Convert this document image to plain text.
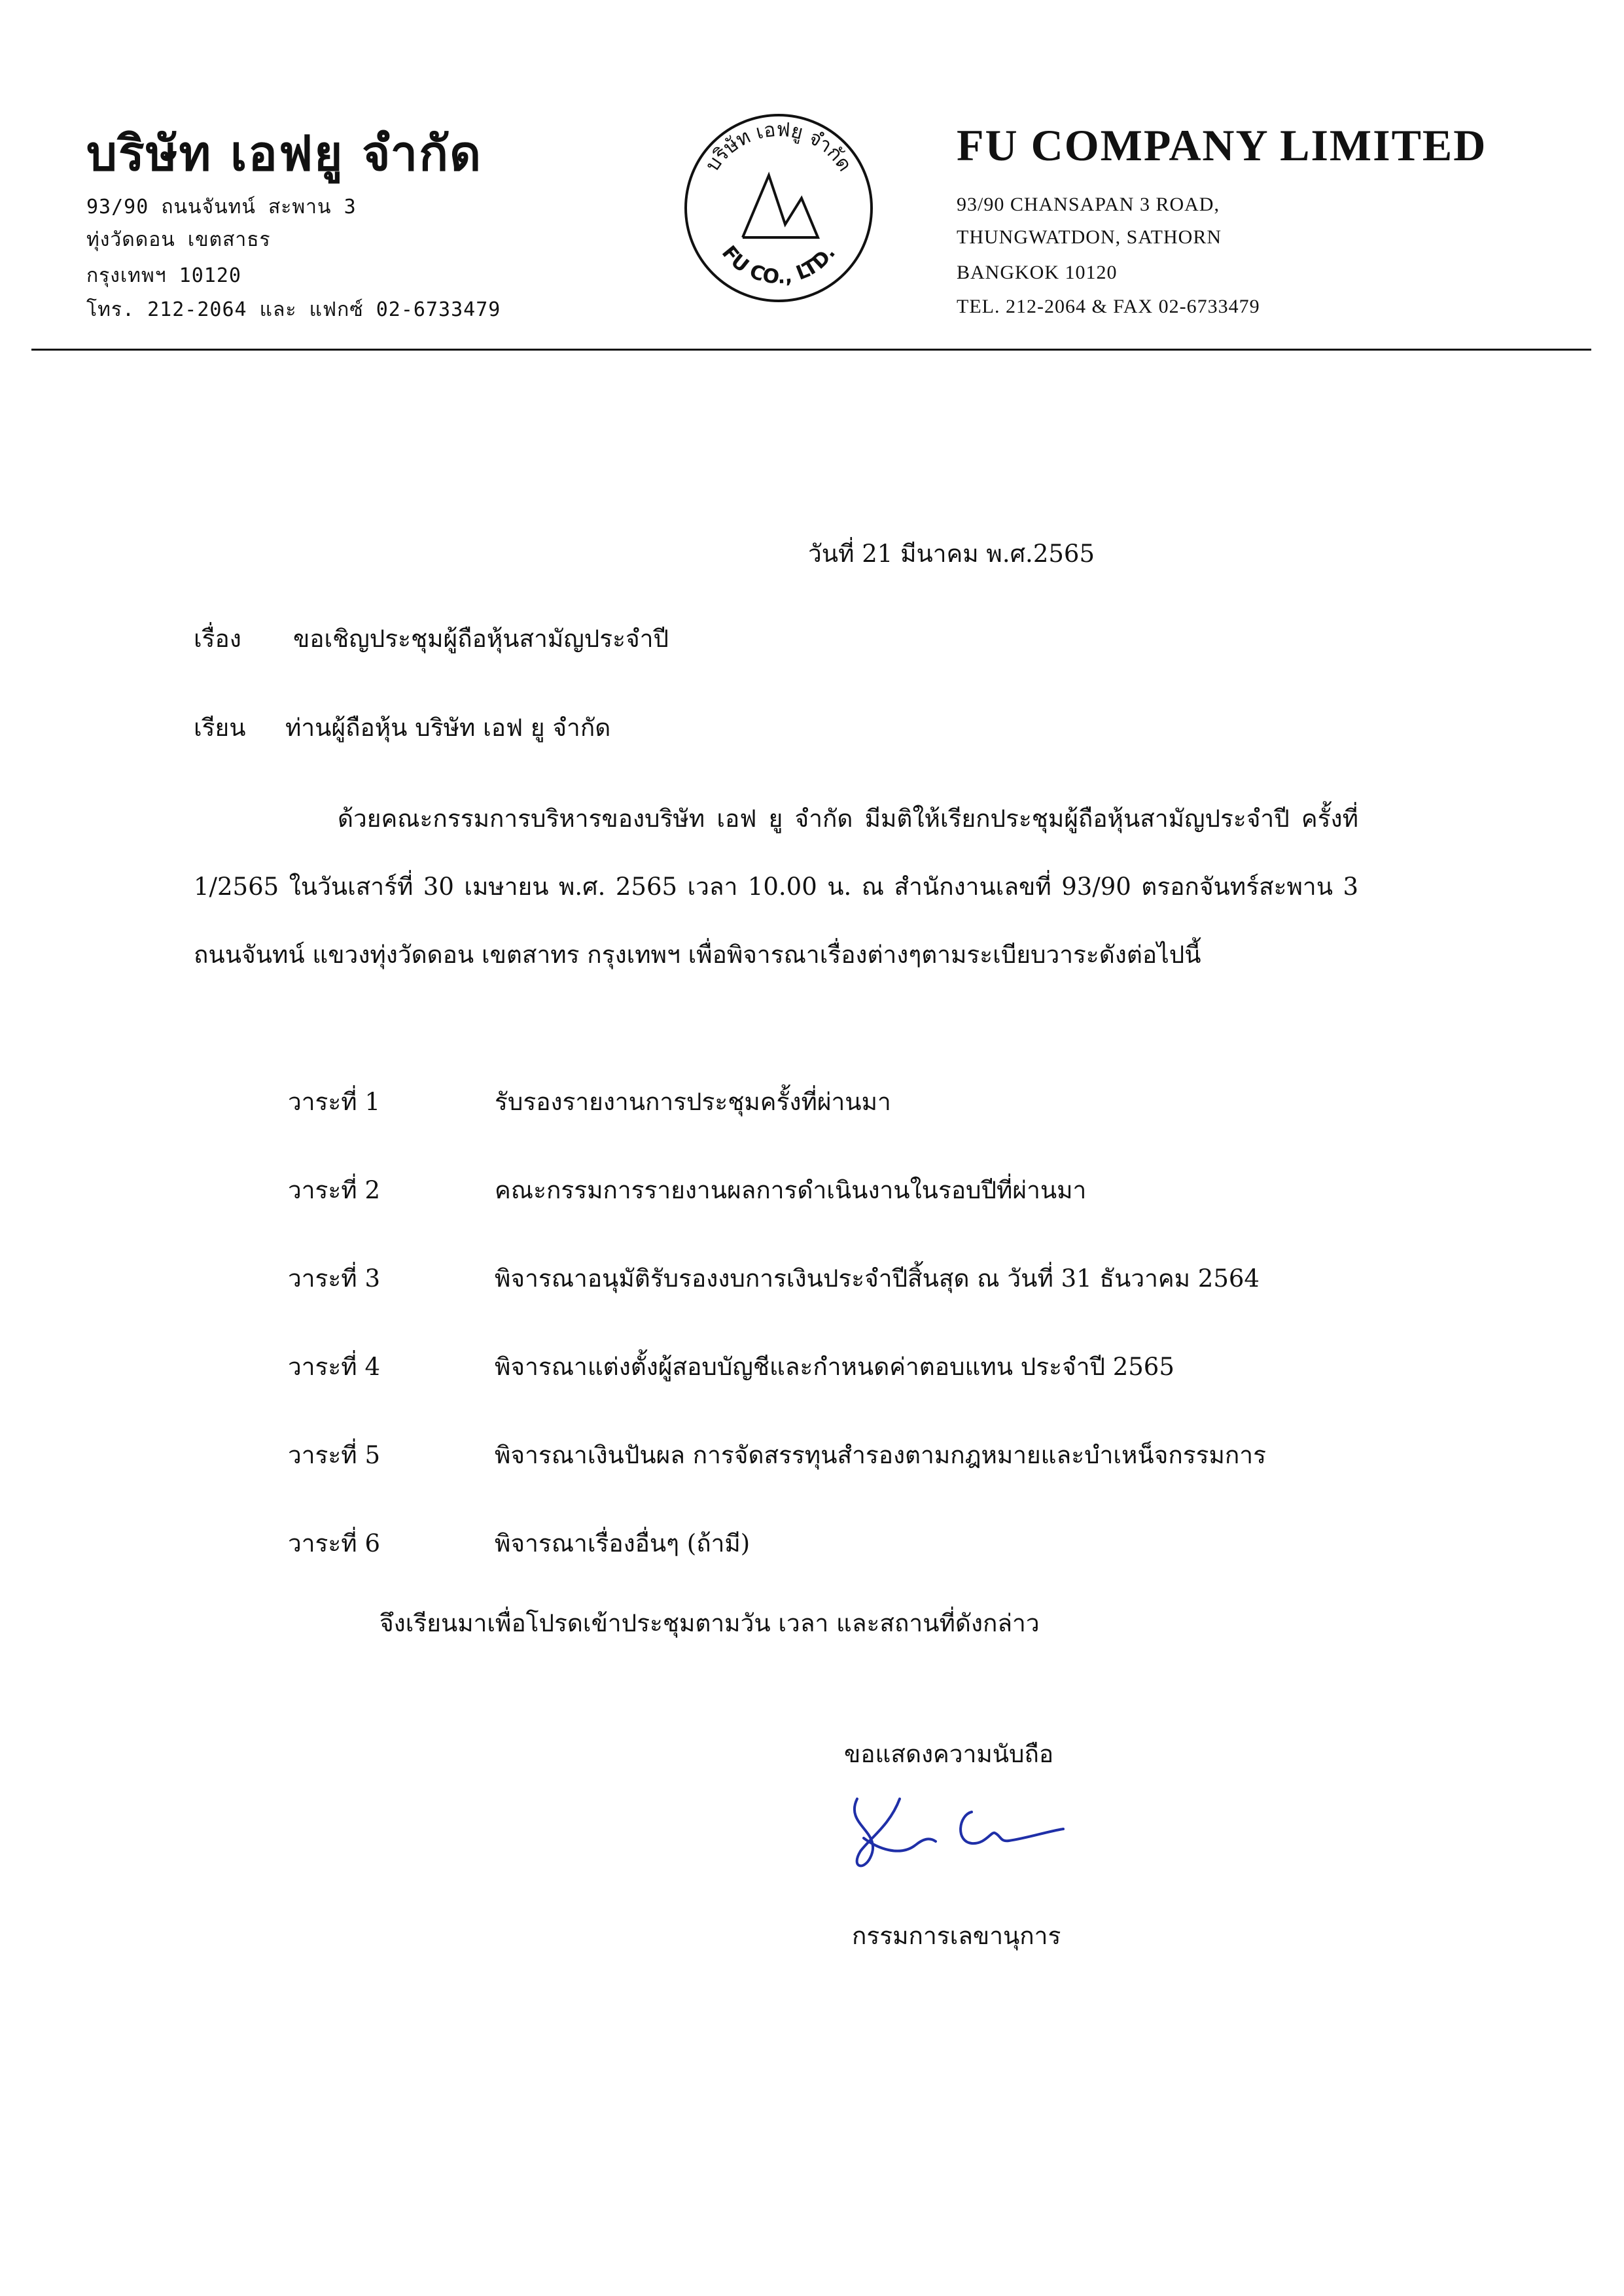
บริษัท เอฟยู จำกัด
93/90 ถนนจันทน์ สะพาน 3
ทุ่งวัดดอน เขตสาธร
กรุงเทพฯ 10120
โทร. 212-2064 และ แฟกซ์ 02-6733479
บริษัท เอฟยู จำกัด
FU CO., LTD.
FU COMPANY LIMITED
93/90 CHANSAPAN 3 ROAD,
THUNGWATDON, SATHORN
BANGKOK 10120
TEL. 212-2064 & FAX 02-6733479
วันที่ 21 มีนาคม พ.ศ.2565
เรื่อง ขอเชิญประชุมผู้ถือหุ้นสามัญประจำปี
เรียน ท่านผู้ถือหุ้น บริษัท เอฟ ยู จำกัด
ด้วยคณะกรรมการบริหารของบริษัท เอฟ ยู จำกัด มีมติให้เรียกประชุมผู้ถือหุ้นสามัญประจำปี ครั้งที่ 1/2565 ในวันเสาร์ที่ 30 เมษายน พ.ศ. 2565 เวลา 10.00 น. ณ สำนักงานเลขที่ 93/90 ตรอกจันทร์สะพาน 3 ถนนจันทน์ แขวงทุ่งวัดดอน เขตสาทร กรุงเทพฯ เพื่อพิจารณาเรื่องต่างๆตามระเบียบวาระดังต่อไปนี้
วาระที่ 1	รับรองรายงานการประชุมครั้งที่ผ่านมา
วาระที่ 2	คณะกรรมการรายงานผลการดำเนินงานในรอบปีที่ผ่านมา
วาระที่ 3	พิจารณาอนุมัติรับรองงบการเงินประจำปีสิ้นสุด ณ วันที่ 31 ธันวาคม 2564
วาระที่ 4	พิจารณาแต่งตั้งผู้สอบบัญชีและกำหนดค่าตอบแทน ประจำปี 2565
วาระที่ 5	พิจารณาเงินปันผล การจัดสรรทุนสำรองตามกฎหมายและบำเหน็จกรรมการ
วาระที่ 6	พิจารณาเรื่องอื่นๆ (ถ้ามี)
จึงเรียนมาเพื่อโปรดเข้าประชุมตามวัน เวลา และสถานที่ดังกล่าว
ขอแสดงความนับถือ
กรรมการเลขานุการ
